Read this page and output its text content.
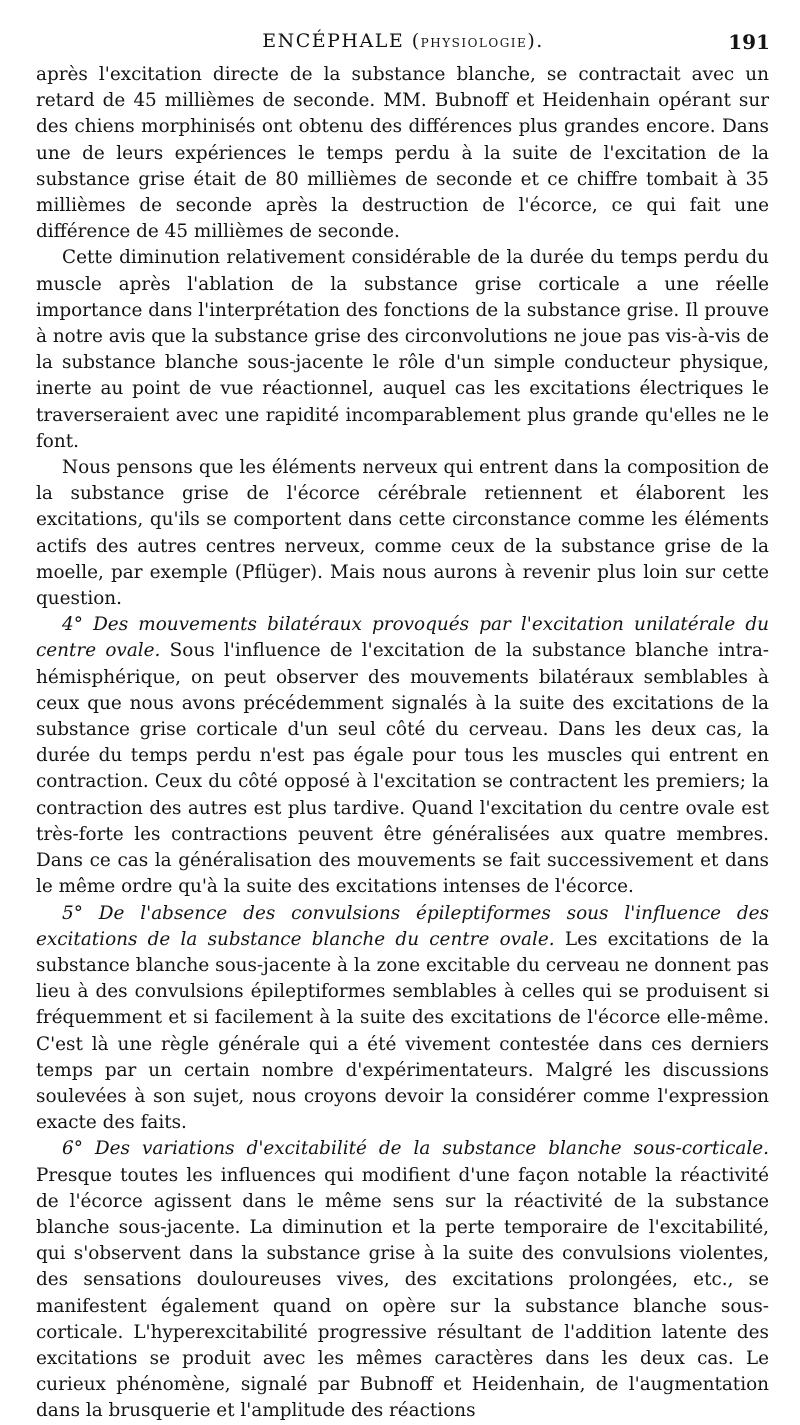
ENCÉPHALE (PHYSIOLOGIE).	191

après l'excitation directe de la substance blanche, se contractait avec un retard de 45 millièmes de seconde. MM. Bubnoff et Heidenhain opérant sur des chiens morphinisés ont obtenu des différences plus grandes encore. Dans une de leurs expériences le temps perdu à la suite de l'excitation de la substance grise était de 80 millièmes de seconde et ce chiffre tombait à 35 millièmes de seconde après la destruction de l'écorce, ce qui fait une différence de 45 millièmes de seconde.

Cette diminution relativement considérable de la durée du temps perdu du muscle après l'ablation de la substance grise corticale a une réelle importance dans l'interprétation des fonctions de la substance grise. Il prouve à notre avis que la substance grise des circonvolutions ne joue pas vis-à-vis de la substance blanche sous-jacente le rôle d'un simple conducteur physique, inerte au point de vue réactionnel, auquel cas les excitations électriques le traverseraient avec une rapidité incomparablement plus grande qu'elles ne le font.

Nous pensons que les éléments nerveux qui entrent dans la composition de la substance grise de l'écorce cérébrale retiennent et élaborent les excitations, qu'ils se comportent dans cette circonstance comme les éléments actifs des autres centres nerveux, comme ceux de la substance grise de la moelle, par exemple (Pflüger). Mais nous aurons à revenir plus loin sur cette question.

4° Des mouvements bilatéraux provoqués par l'excitation unilatérale du centre ovale. Sous l'influence de l'excitation de la substance blanche intra-hémisphérique, on peut observer des mouvements bilatéraux semblables à ceux que nous avons précédemment signalés à la suite des excitations de la substance grise corticale d'un seul côté du cerveau. Dans les deux cas, la durée du temps perdu n'est pas égale pour tous les muscles qui entrent en contraction. Ceux du côté opposé à l'excitation se contractent les premiers; la contraction des autres est plus tardive. Quand l'excitation du centre ovale est très-forte les contractions peuvent être généralisées aux quatre membres. Dans ce cas la généralisation des mouvements se fait successivement et dans le même ordre qu'à la suite des excitations intenses de l'écorce.

5° De l'absence des convulsions épileptiformes sous l'influence des excitations de la substance blanche du centre ovale. Les excitations de la substance blanche sous-jacente à la zone excitable du cerveau ne donnent pas lieu à des convulsions épileptiformes semblables à celles qui se produisent si fréquemment et si facilement à la suite des excitations de l'écorce elle-même. C'est là une règle générale qui a été vivement contestée dans ces derniers temps par un certain nombre d'expérimentateurs. Malgré les discussions soulevées à son sujet, nous croyons devoir la considérer comme l'expression exacte des faits.

6° Des variations d'excitabilité de la substance blanche sous-corticale. Presque toutes les influences qui modifient d'une façon notable la réactivité de l'écorce agissent dans le même sens sur la réactivité de la substance blanche sous-jacente. La diminution et la perte temporaire de l'excitabilité, qui s'observent dans la substance grise à la suite des convulsions violentes, des sensations douloureuses vives, des excitations prolongées, etc., se manifestent également quand on opère sur la substance blanche sous-corticale. L'hyperexcitabilité progressive résultant de l'addition latente des excitations se produit avec les mêmes caractères dans les deux cas. Le curieux phénomène, signalé par Bubnoff et Heidenhain, de l'augmentation dans la brusquerie et l'amplitude des réactions
